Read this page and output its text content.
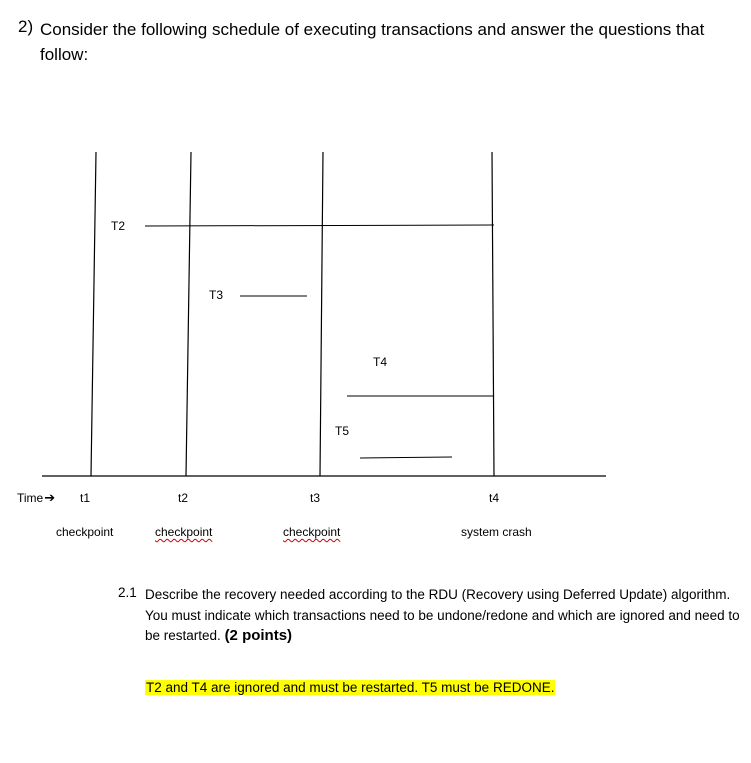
2) Consider the following schedule of executing transactions and answer the questions that follow:
T2
T3
T4
T5
Time➔ t1	t2	t3	t4
checkpoint	checkpoint	checkpoint	system crash
2.1 Describe the recovery needed according to the RDU (Recovery using Deferred Update) algorithm. You must indicate which transactions need to be undone/redone and which are ignored and need to be restarted. (2 points)
T2 and T4 are ignored and must be restarted. T5 must be REDONE.
